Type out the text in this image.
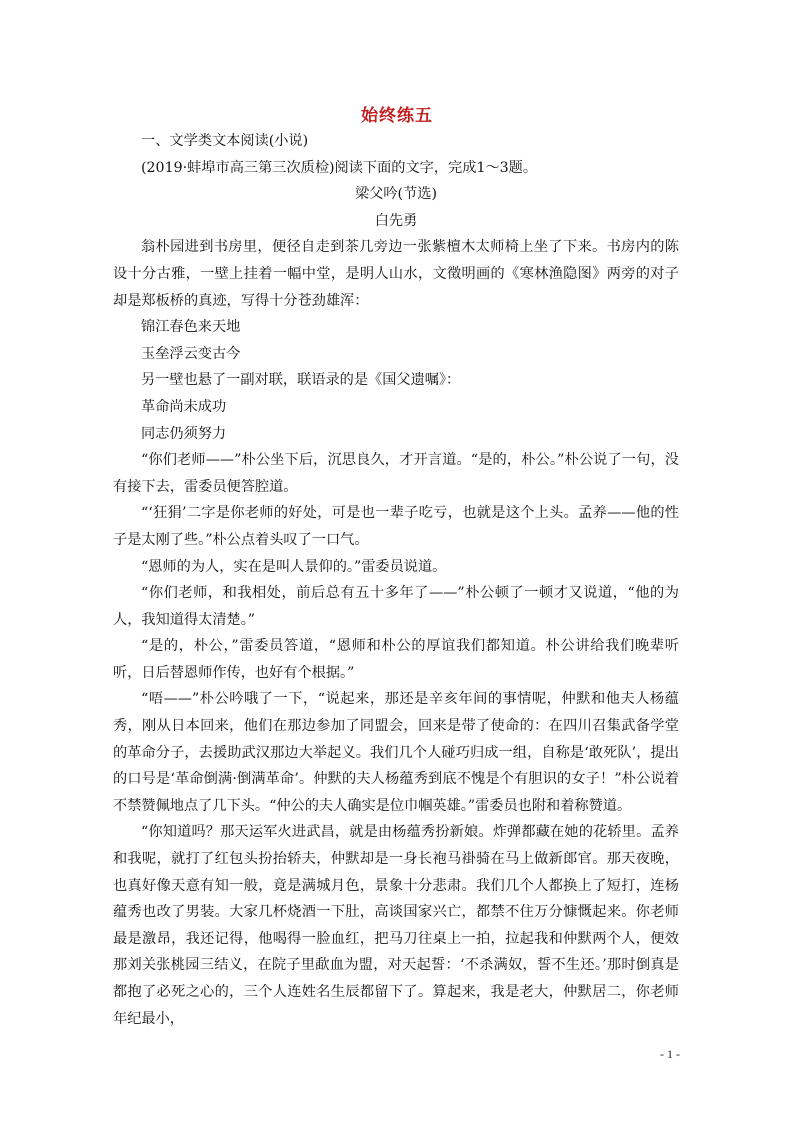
始终练五

一、文学类文本阅读(小说)

(2019·蚌埠市高三第三次质检)阅读下面的文字，完成1～3题。

梁父吟(节选)

白先勇

翁朴园进到书房里，便径自走到茶几旁边一张紫檀木太师椅上坐了下来。书房内的陈设十分古雅，一壁上挂着一幅中堂，是明人山水，文徵明画的《寒林渔隐图》两旁的对子却是郑板桥的真迹，写得十分苍劲雄浑：

锦江春色来天地

玉垒浮云变古今

另一壁也悬了一副对联，联语录的是《国父遗嘱》：

革命尚未成功

同志仍须努力

“你们老师——”朴公坐下后，沉思良久，才开言道。“是的，朴公。”朴公说了一句，没有接下去，雷委员便答腔道。

“‘狂狷’二字是你老师的好处，可是也一辈子吃亏，也就是这个上头。孟养——他的性子是太刚了些。”朴公点着头叹了一口气。

“恩师的为人，实在是叫人景仰的。”雷委员说道。

“你们老师，和我相处，前后总有五十多年了——”朴公顿了一顿才又说道，“他的为人，我知道得太清楚。”

“是的，朴公，”雷委员答道，“恩师和朴公的厚谊我们都知道。朴公讲给我们晚辈听听，日后替恩师作传，也好有个根据。”

“唔——”朴公吟哦了一下，“说起来，那还是辛亥年间的事情呢，仲默和他夫人杨蕴秀，刚从日本回来，他们在那边参加了同盟会，回来是带了使命的：在四川召集武备学堂的革命分子，去援助武汉那边大举起义。我们几个人碰巧归成一组，自称是‘敢死队’，提出的口号是‘革命倒满·倒满革命’。仲默的夫人杨蕴秀到底不愧是个有胆识的女子！”朴公说着不禁赞佩地点了几下头。“仲公的夫人确实是位巾帼英雄。”雷委员也附和着称赞道。

“你知道吗？那天运军火进武昌，就是由杨蕴秀扮新娘。炸弹都藏在她的花轿里。孟养和我呢，就打了红包头扮抬轿夫，仲默却是一身长袍马褂骑在马上做新郎官。那天夜晚，也真好像天意有知一般，竟是满城月色，景象十分悲肃。我们几个人都换上了短打，连杨蕴秀也改了男装。大家几杯烧酒一下肚，高谈国家兴亡，都禁不住万分慷慨起来。你老师最是激昂，我还记得，他喝得一脸血红，把马刀往桌上一拍，拉起我和仲默两个人，便效那刘关张桃园三结义，在院子里歃血为盟，对天起誓：‘不杀满奴，誓不生还。’那时倒真是都抱了必死之心的，三个人连姓名生辰都留下了。算起来，我是老大，仲默居二，你老师年纪最小，

- 1 -
